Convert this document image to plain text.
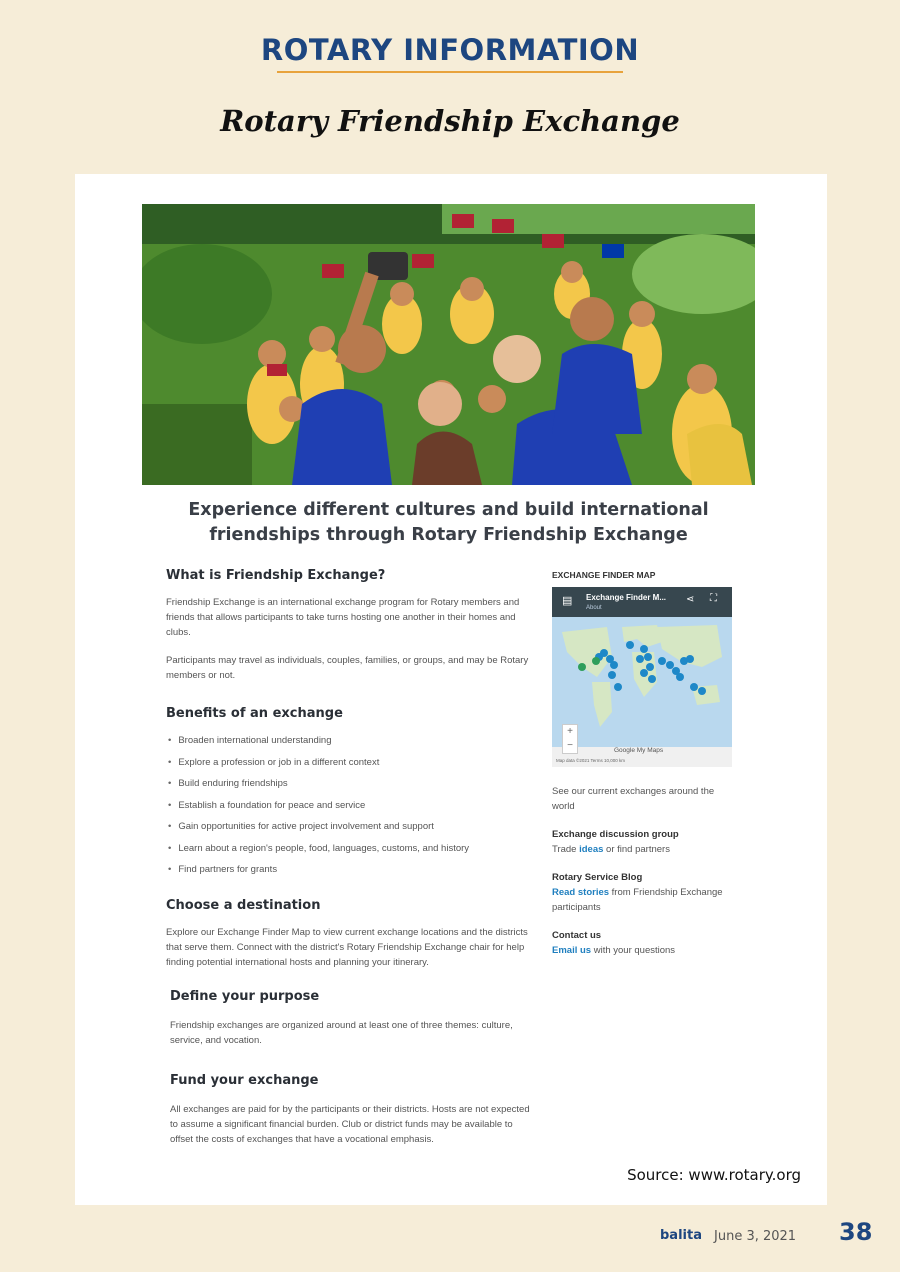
ROTARY INFORMATION
Rotary Friendship Exchange
Experience different cultures and build international
friendships through Rotary Friendship Exchange
What is Friendship Exchange?
Friendship Exchange is an international exchange program for Rotary members and
friends that allows participants to take turns hosting one another in their homes and
clubs.
Participants may travel as individuals, couples, families, or groups, and may be Rotary
members or not.
Benefits of an exchange
• Broaden international understanding
• Explore a profession or job in a different context
• Build enduring friendships
• Establish a foundation for peace and service
• Gain opportunities for active project involvement and support
• Learn about a region's people, food, languages, customs, and history
• Find partners for grants
Choose a destination
Explore our Exchange Finder Map to view current exchange locations and the districts
that serve them. Connect with the district's Rotary Friendship Exchange chair for help
finding potential international hosts and planning your itinerary.
Define your purpose
Friendship exchanges are organized around at least one of three themes: culture,
service, and vocation.
Fund your exchange
All exchanges are paid for by the participants or their districts. Hosts are not expected
to assume a significant financial burden. Club or district funds may be available to
offset the costs of exchanges that have a vocational emphasis.
EXCHANGE FINDER MAP
▤ Exchange Finder M...
About
⋖ ⛶
+
−	Google My Maps
Map data ©2021 Terms 10,000 km
See our current exchanges around the
world
Exchange discussion group
Trade ideas or find partners
Rotary Service Blog
Read stories from Friendship Exchange
participants
Contact us
Email us with your questions
Source: www.rotary.org
balita June 3, 2021 38
